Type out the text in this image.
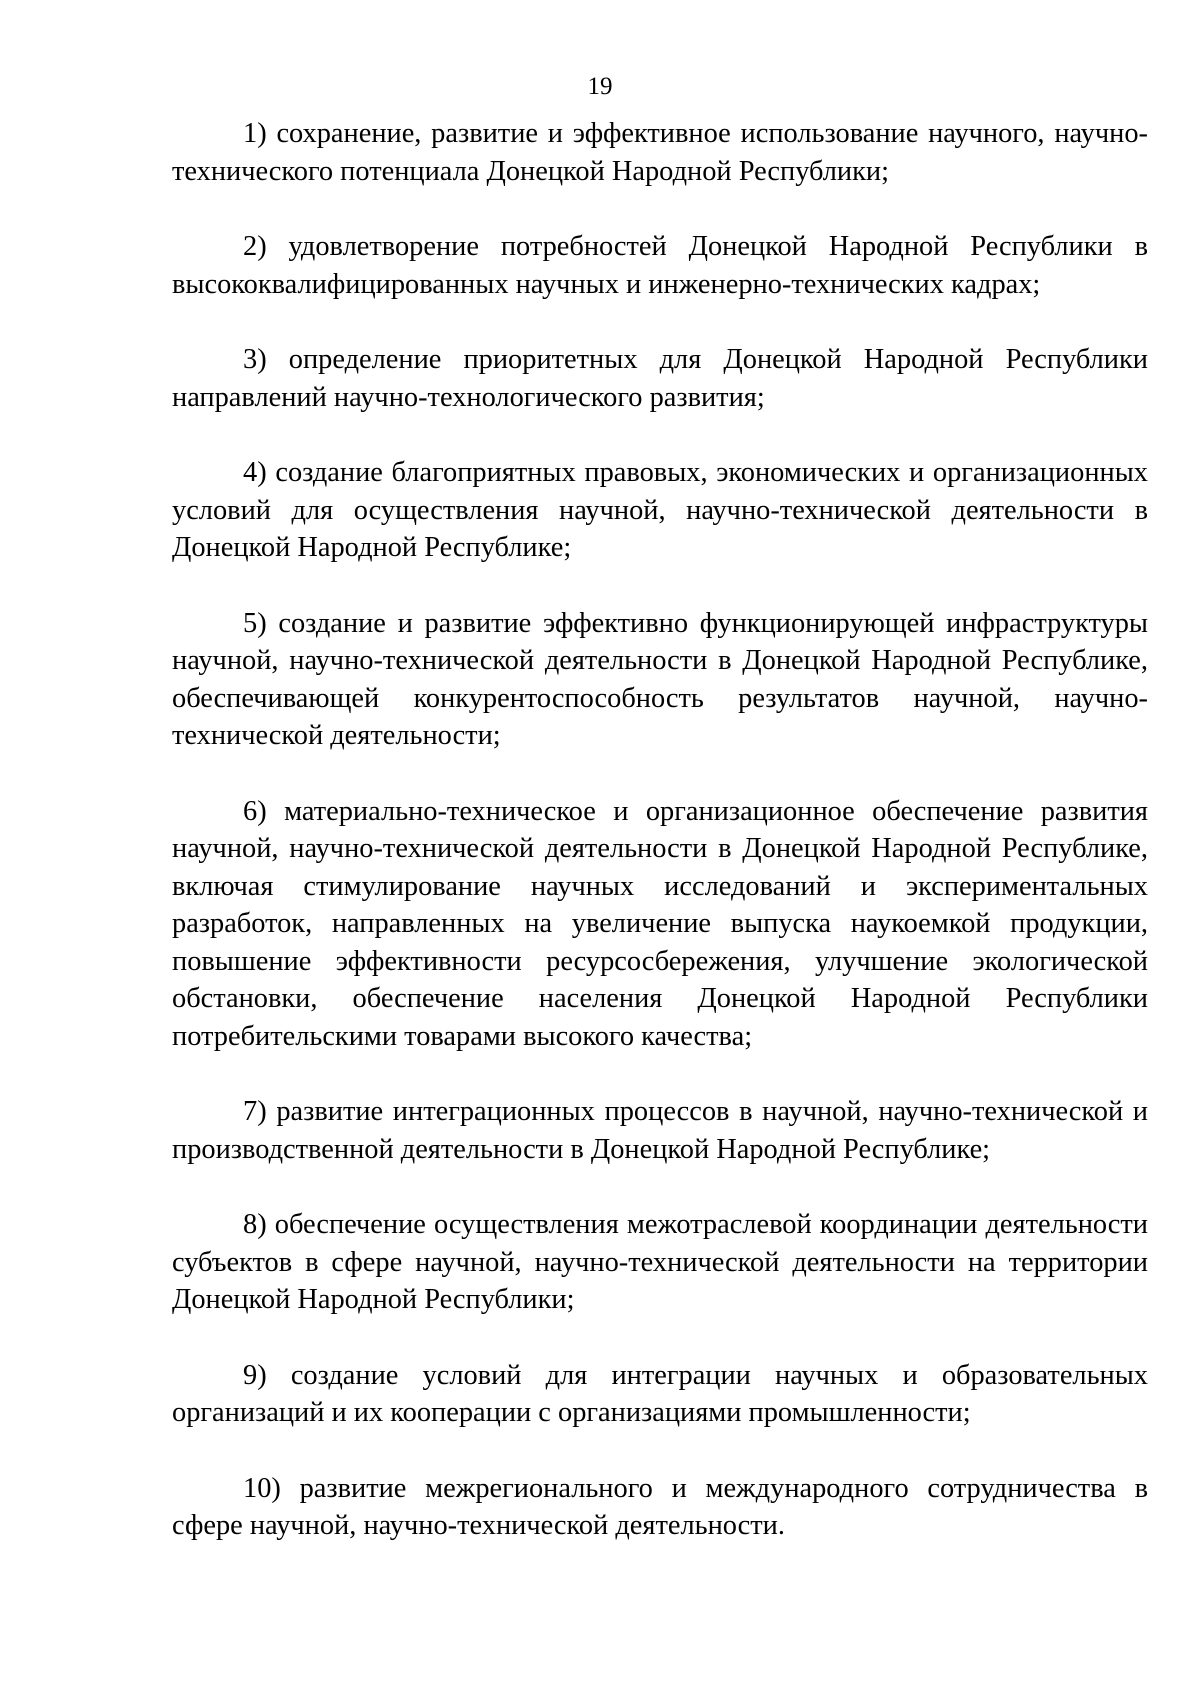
19

1) сохранение, развитие и эффективное использование научного, научно-технического потенциала Донецкой Народной Республики;

2) удовлетворение потребностей Донецкой Народной Республики в высококвалифицированных научных и инженерно-технических кадрах;

3) определение приоритетных для Донецкой Народной Республики направлений научно-технологического развития;

4) создание благоприятных правовых, экономических и организационных условий для осуществления научной, научно-технической деятельности в Донецкой Народной Республике;

5) создание и развитие эффективно функционирующей инфраструктуры научной, научно-технической деятельности в Донецкой Народной Республике, обеспечивающей конкурентоспособность результатов научной, научно-технической деятельности;

6) материально-техническое и организационное обеспечение развития научной, научно-технической деятельности в Донецкой Народной Республике, включая стимулирование научных исследований и экспериментальных разработок, направленных на увеличение выпуска наукоемкой продукции, повышение эффективности ресурсосбережения, улучшение экологической обстановки, обеспечение населения Донецкой Народной Республики потребительскими товарами высокого качества;

7) развитие интеграционных процессов в научной, научно-технической и производственной деятельности в Донецкой Народной Республике;

8) обеспечение осуществления межотраслевой координации деятельности субъектов в сфере научной, научно-технической деятельности на территории Донецкой Народной Республики;

9) создание условий для интеграции научных и образовательных организаций и их кооперации с организациями промышленности;

10) развитие межрегионального и международного сотрудничества в сфере научной, научно-технической деятельности.
